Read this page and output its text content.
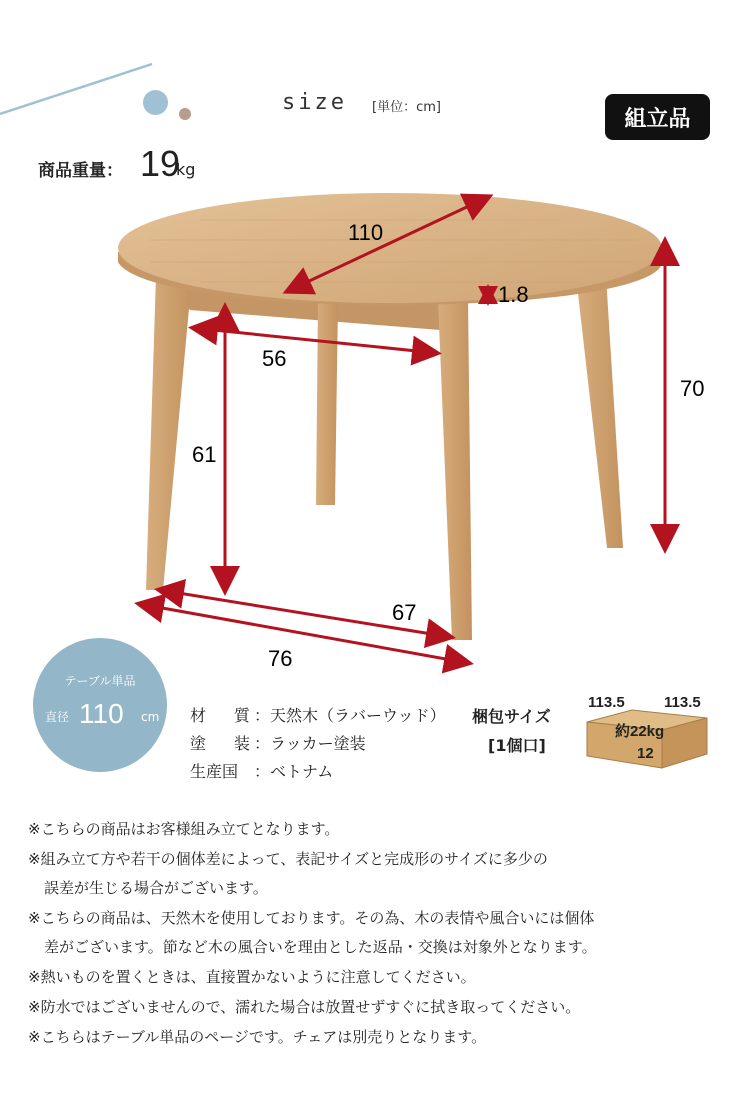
size [単位：cm]	組立品
商品重量： 19
kg
110
1.8
70
56
61
67
76
テーブル単品
直径 110 cm 材　質：天然木（ラバーウッド）
塗　装：ラッカー塗装
生産国 ：ベトナム
梱包サイズ
[1個口]
113.5	113.5
約22kg
12
※こちらの商品はお客様組み立てとなります。
※組み立て方や若干の個体差によって、表記サイズと完成形のサイズに多少の
誤差が生じる場合がございます。
※こちらの商品は、天然木を使用しております。その為、木の表情や風合いには個体
差がございます。節など木の風合いを理由とした返品・交換は対象外となります。
※熱いものを置くときは、直接置かないように注意してください。
※防水ではございませんので、濡れた場合は放置せずすぐに拭き取ってください。
※こちらはテーブル単品のページです。チェアは別売りとなります。
